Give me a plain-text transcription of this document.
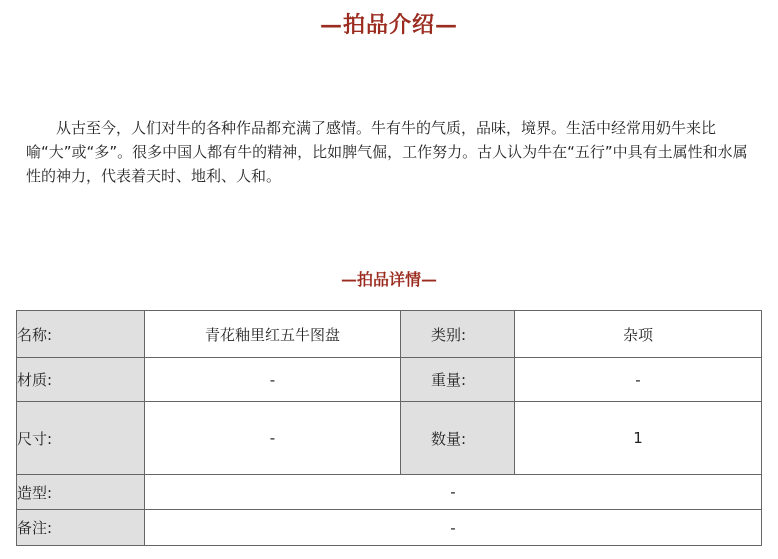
—拍品介绍—

从古至今，人们对牛的各种作品都充满了感情。牛有牛的气质，品味，境界。生活中经常用奶牛来比喻“大”或“多”。很多中国人都有牛的精神，比如脾气倔，工作努力。古人认为牛在“五行”中具有土属性和水属性的神力，代表着天时、地利、人和。

—拍品详情—
名称:	青花釉里红五牛图盘	类别:	杂项
材质:	-	重量:	-
尺寸:	-	数量:	1
造型:	-		
备注:	-		
